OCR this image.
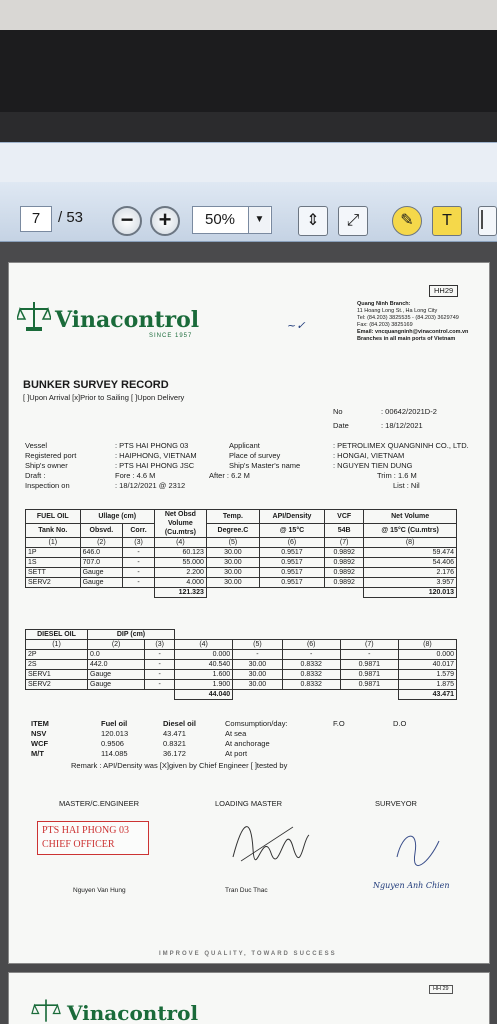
7	/ 53	−	+	50%	▼	⇕	⤢	✎	T	▏
HH29
Vinacontrol
SINCE 1957
~✓
Quang Ninh Branch:
11 Hoang Long St., Ha Long City
Tel: (84.203) 3825535 - (84.203) 3629749
Fax: (84.203) 3825169
Email: vncquangninh@vinacontrol.com.vn
Branches in all main ports of Vietnam
BUNKER SURVEY RECORD
[ ]Upon Arrival [x]Prior to Sailing [ ]Upon Delivery
No	: 00642/2021D-2
Date	: 18/12/2021
Vessel	: PTS HAI PHONG 03
Registered port	: HAIPHONG, VIETNAM
Ship's owner	: PTS HAI PHONG JSC
Draft :	Fore : 4.6 M
Inspection on	: 18/12/2021 @ 2312
Applicant	: PETROLIMEX QUANGNINH CO., LTD.
Place of survey	: HONGAI, VIETNAM
Ship's Master's name	: NGUYEN TIEN DUNG
After : 6.2 M	Trim : 1.6 M
List : Nil
FUEL OIL	Ullage (cm)		Net Obsd Volume (Cu.mtrs)	Temp.	API/Density	VCF	Net Volume
Tank No.	Obsvd.	Corr.		Degree.C	@ 15°C	54B	@ 15°C (Cu.mtrs)
(1)	(2)	(3)	(4)	(5)	(6)	(7)	(8)
1P	646.0	-	60.123	30.00	0.9517	0.9892	59.474
1S	707.0	-	55.000	30.00	0.9517	0.9892	54.406
SETT	Gauge	-	2.200	30.00	0.9517	0.9892	2.176
SERV2	Gauge	-	4.000	30.00	0.9517	0.9892	3.957
			121.323				120.013
DIESEL OIL	DIP (cm)						
(1)	(2)	(3)	(4)	(5)	(6)	(7)	(8)
2P	0.0	-	0.000	-	-	-	0.000
2S	442.0	-	40.540	30.00	0.8332	0.9871	40.017
SERV1	Gauge	-	1.600	30.00	0.8332	0.9871	1.579
SERV2	Gauge	-	1.900	30.00	0.8332	0.9871	1.875
			44.040				43.471
ITEM	Fuel oil	Diesel oil	Comsumption/day:	F.O	D.O
NSV	120.013	43.471	At sea
WCF	0.9506	0.8321	At anchorage
M/T	114.085	36.172	At port
Remark : API/Density was [X]given by Chief Engineer [ ]tested by
MASTER/C.ENGINEER	LOADING MASTER	SURVEYOR
PTS HAI PHONG 03
CHIEF OFFICER
Nguyen Van Hung	Tran Duc Thac
Nguyen Anh Chien
IMPROVE QUALITY, TOWARD SUCCESS
HH 29
Vinacontrol
